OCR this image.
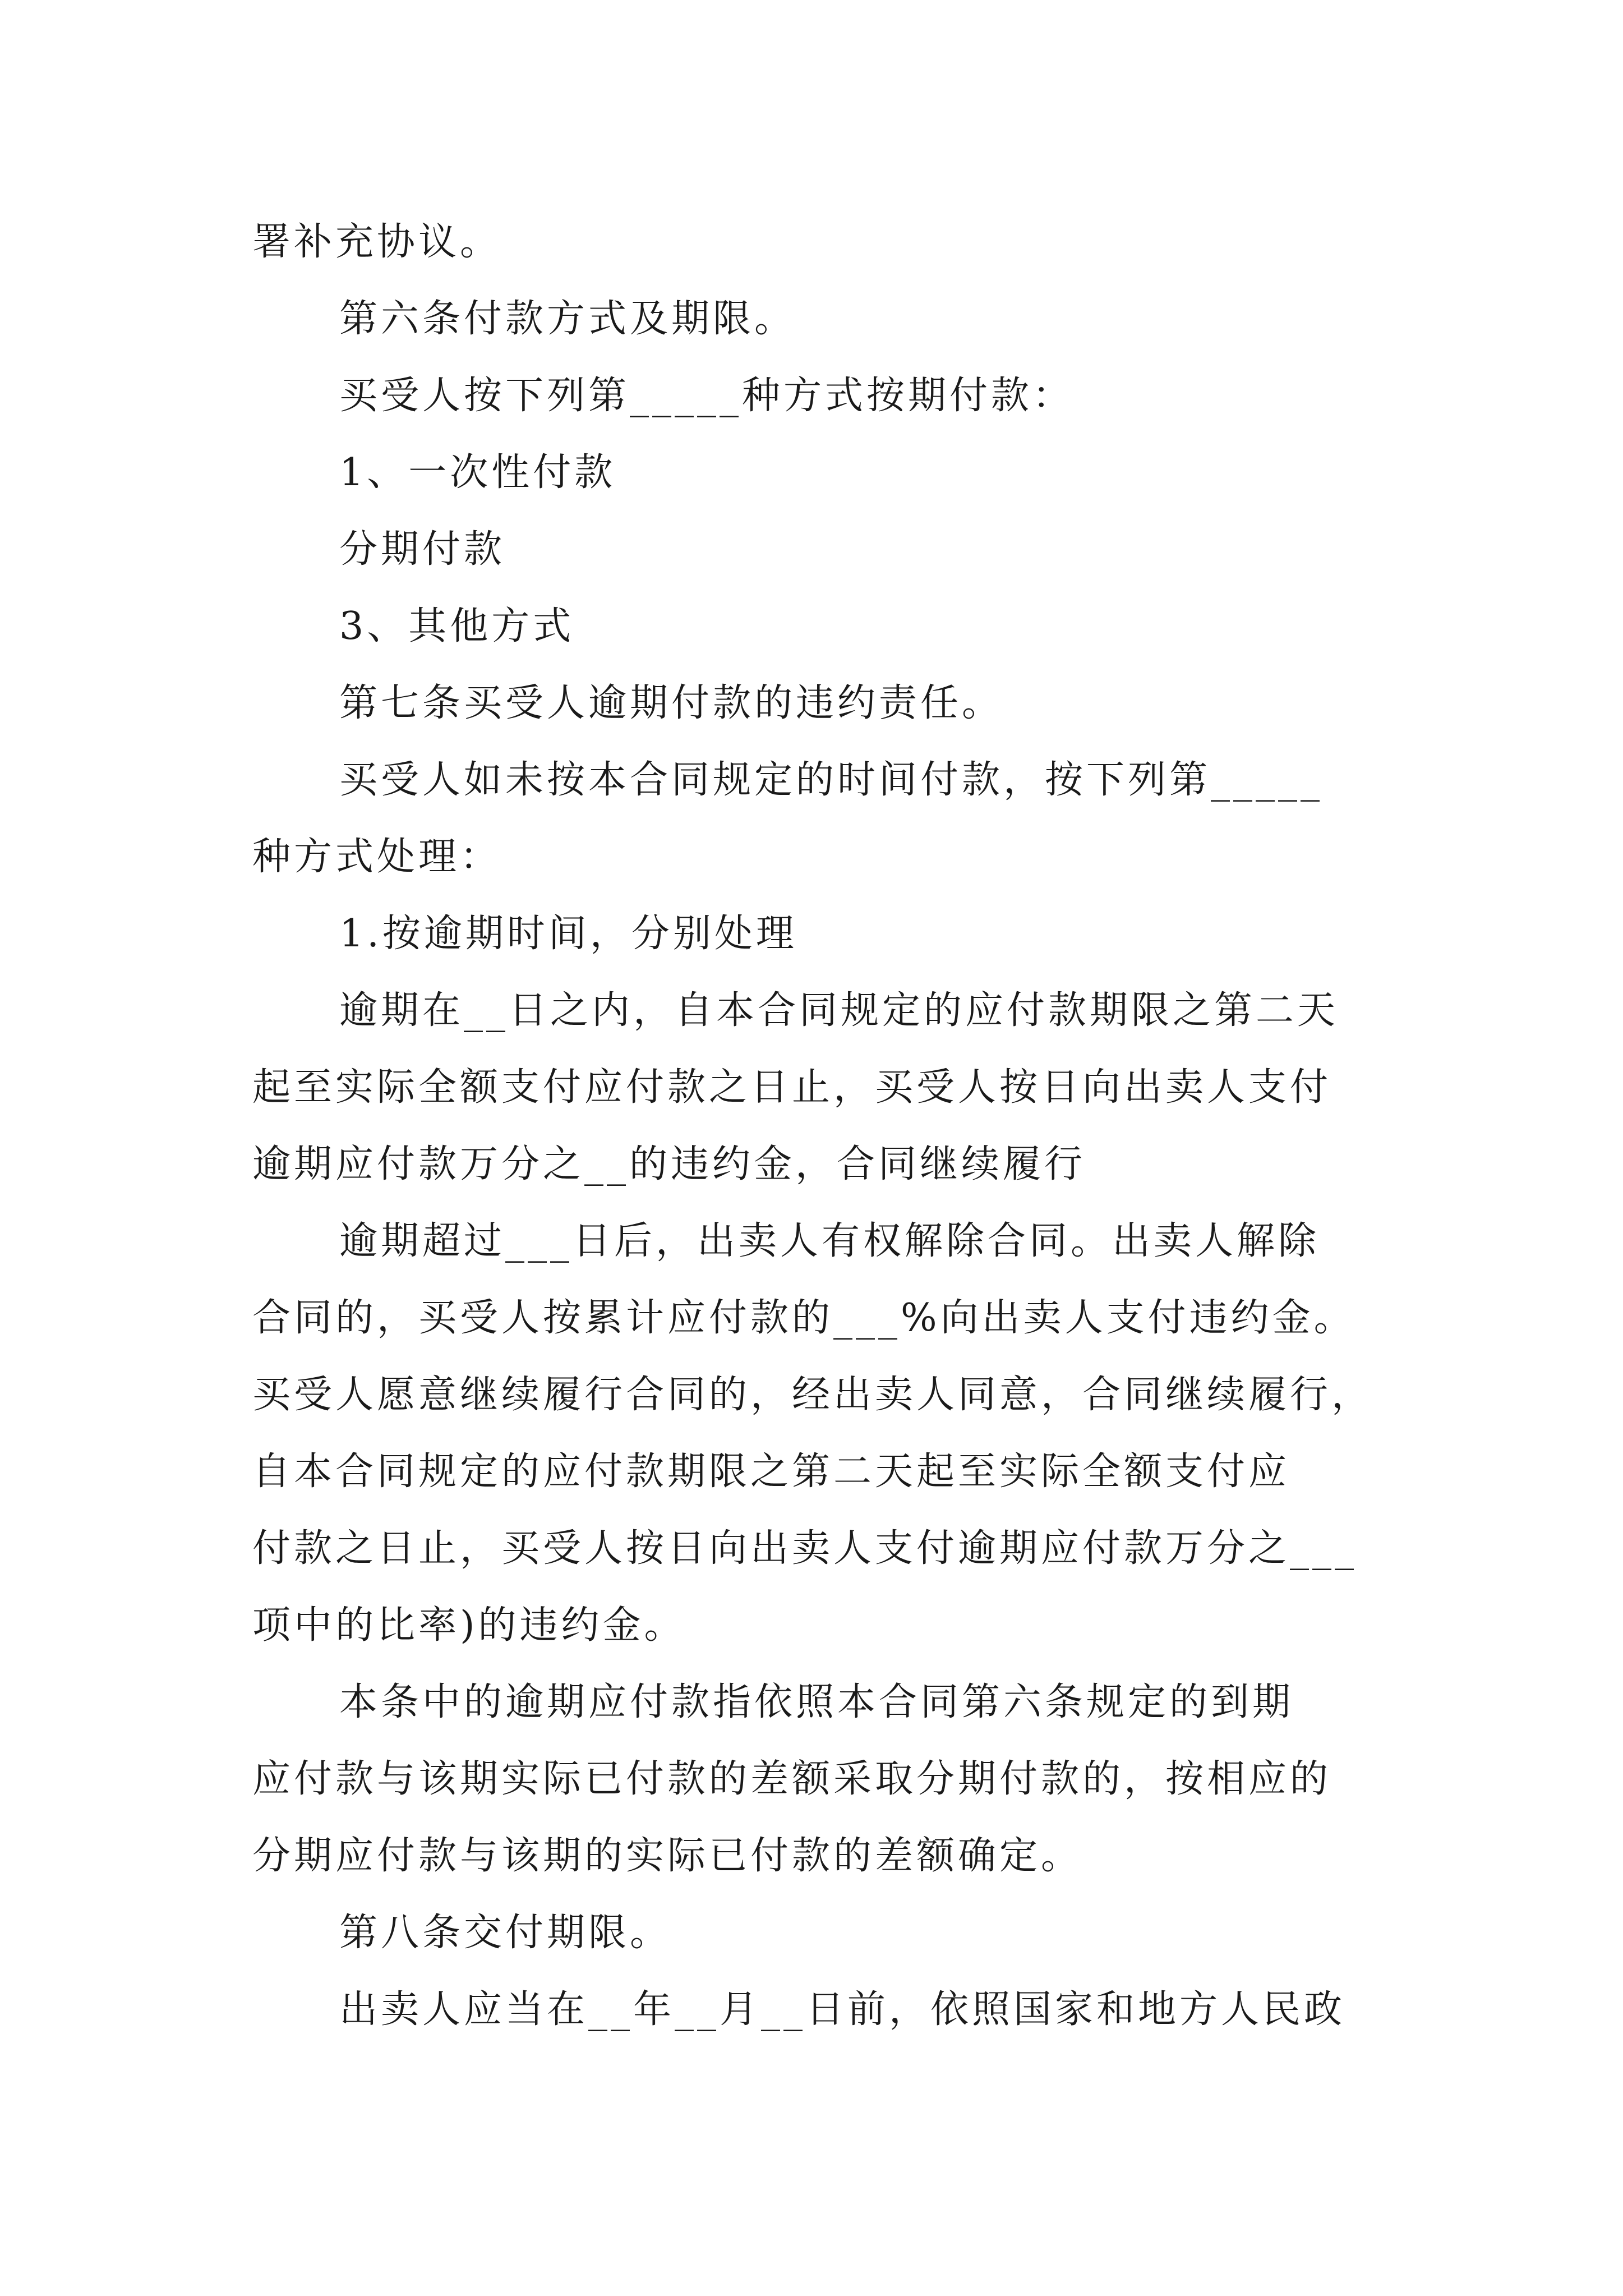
署补充协议。

第六条付款方式及期限。

买受人按下列第_____种方式按期付款：

1、一次性付款

分期付款

3、其他方式

第七条买受人逾期付款的违约责任。

买受人如未按本合同规定的时间付款，按下列第_____

种方式处理：

1.按逾期时间，分别处理

逾期在__日之内，自本合同规定的应付款期限之第二天

起至实际全额支付应付款之日止，买受人按日向出卖人支付

逾期应付款万分之__的违约金，合同继续履行

逾期超过___日后，出卖人有权解除合同。出卖人解除

合同的，买受人按累计应付款的___%向出卖人支付违约金。

买受人愿意继续履行合同的，经出卖人同意，合同继续履行，

自本合同规定的应付款期限之第二天起至实际全额支付应

付款之日止，买受人按日向出卖人支付逾期应付款万分之___

项中的比率)的违约金。

本条中的逾期应付款指依照本合同第六条规定的到期

应付款与该期实际已付款的差额采取分期付款的，按相应的

分期应付款与该期的实际已付款的差额确定。

第八条交付期限。

出卖人应当在__年__月__日前，依照国家和地方人民政
